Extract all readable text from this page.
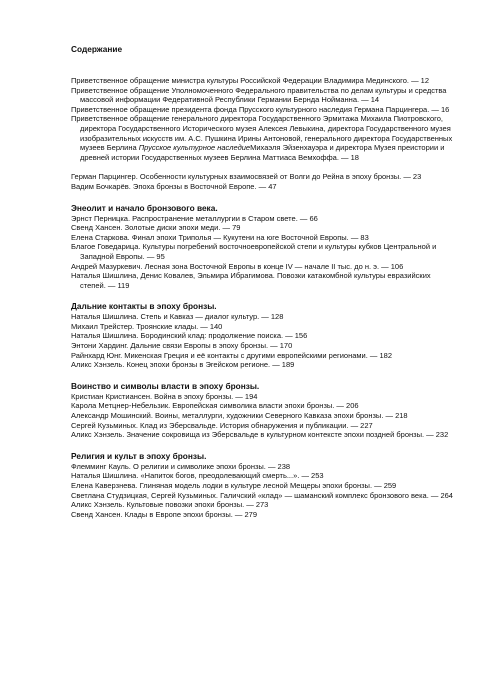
Содержание
Приветственное обращение министра культуры Российской Федерации Владимира Мединского. — 12
Приветственное обращение Уполномоченного Федерального правительства по делам культуры и средства массовой информации Федеративной Республики Германии Бернда Нойманна. — 14
Приветственное обращение президента фонда Прусского культурного наследия Германа Парцингера. — 16
Приветственное обращение генерального директора Государственного Эрмитажа Михаила Пиотровского, директора Государственного Исторического музея Алексея Левыкина, директора Государственного музея изобразительных искусств им. А.С. Пушкина Ирины Антоновой, генерального директора Государственных музеев Берлина Прусское культурное наследиеМихаэля Эйзенхауэра и директора Музея преистории и древней истории Государственных музеев Берлина Маттиаса Вемхоффа. — 18
Герман Парцингер. Особенности культурных взаимосвязей от Волги до Рейна в эпоху бронзы. — 23
Вадим Бочкарёв. Эпоха бронзы в Восточной Европе. — 47
Энеолит и начало бронзового века.
Эрнст Перницка. Распространение металлургии в Старом свете. — 66
Свенд Хансен. Золотые диски эпохи меди. — 79
Елена Старкова. Финал эпохи Триполья — Кукутени на юге Восточной Европы. — 83
Благое Говедарица. Культуры погребений восточноевропейской степи и культуры кубков Центральной и Западной Европы. — 95
Андрей Мазуркевич. Лесная зона Восточной Европы в конце IV — начале II тыс. до н. э. — 106
Наталья Шишлина, Денис Ковалев, Эльмира Ибрагимова. Повозки катакомбной культуры евразийских степей. — 119
Дальние контакты в эпоху бронзы.
Наталья Шишлина. Степь и Кавказ — диалог культур. — 128
Михаил Трейстер. Троянские клады. — 140
Наталья Шишлина. Бородинский клад: продолжение поиска. — 156
Энтони Хардинг. Дальние связи Европы в эпоху бронзы. — 170
Райнхард Юнг. Микенская Греция и её контакты с другими европейскими регионами. — 182
Аликс Хэнзель. Конец эпохи бронзы в Эгейском регионе. — 189
Воинство и символы власти в эпоху бронзы.
Кристиан Кристиансен. Война в эпоху бронзы. — 194
Карола Метцнер-Небельзик. Европейская символика власти эпохи бронзы. — 206
Александр Мошинский. Воины, металлурги, художники Северного Кавказа эпохи бронзы. — 218
Сергей Кузьминых. Клад из Эберсвальде. История обнаружения и публикации. — 227
Аликс Хэнзель. Значение сокровища из Эберсвальде в культурном контексте эпохи поздней бронзы. — 232
Религия и культ в эпоху бронзы.
Флемминг Кауль. О религии и символике эпохи бронзы. — 238
Наталья Шишлина. «Напиток богов, преодолевающий смерть...». — 253
Елена Каверзнева. Глиняная модель лодки в культуре лесной Мещеры эпохи бронзы. — 259
Светлана Студзицкая, Сергей Кузьминых. Галичский «клад» — шаманский комплекс бронзового века. — 264
Аликс Хэнзель. Культовые повозки эпохи бронзы. — 273
Свенд Хансен. Клады в Европе эпохи бронзы. — 279
